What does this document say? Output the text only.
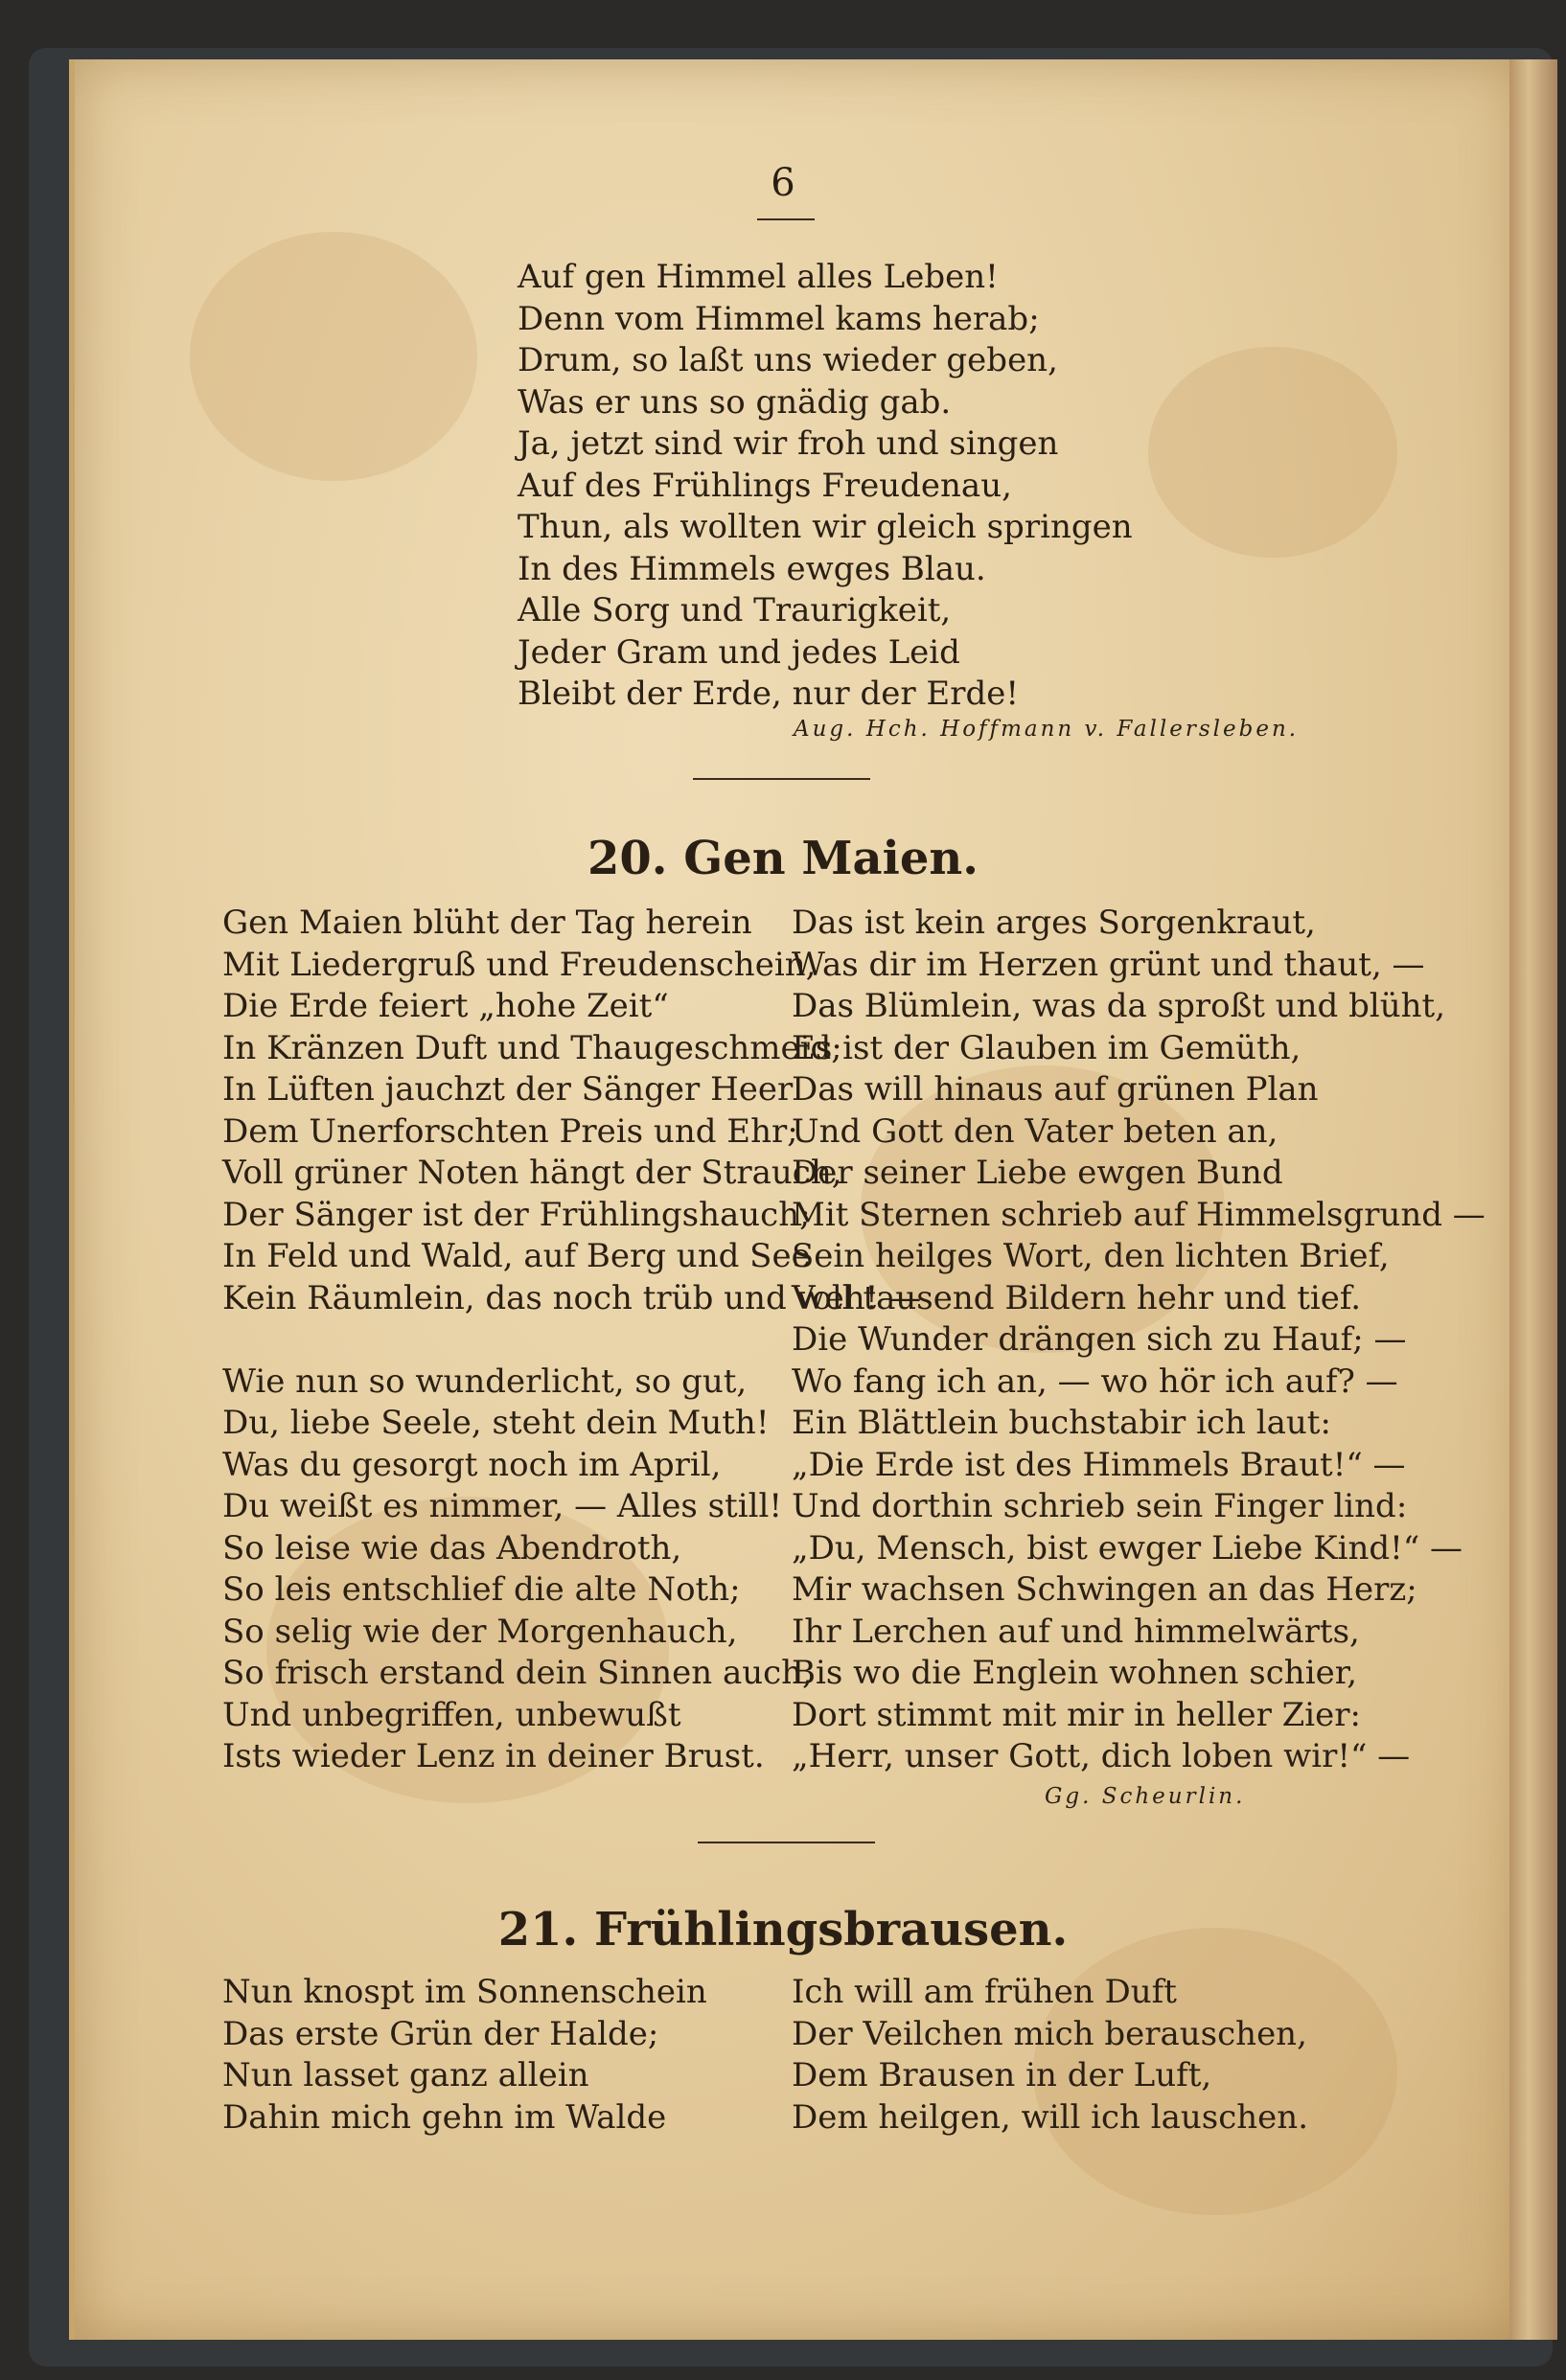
6
Auf gen Himmel alles Leben!
Denn vom Himmel kams herab;
Drum, so laßt uns wieder geben,
Was er uns so gnädig gab.
Ja, jetzt sind wir froh und singen
Auf des Frühlings Freudenau,
Thun, als wollten wir gleich springen
In des Himmels ewges Blau.
Alle Sorg und Traurigkeit,
Jeder Gram und jedes Leid
Bleibt der Erde, nur der Erde!
Aug. Hch. Hoffmann v. Fallersleben.
20. Gen Maien.
Gen Maien blüht der Tag herein
Mit Liedergruß und Freudenschein,
Die Erde feiert „hohe Zeit“
In Kränzen Duft und Thaugeschmeid;
In Lüften jauchzt der Sänger Heer
Dem Unerforschten Preis und Ehr;
Voll grüner Noten hängt der Strauch,
Der Sänger ist der Frühlingshauch;
In Feld und Wald, auf Berg und See
Kein Räumlein, das noch trüb und weh! —
Wie nun so wunderlicht, so gut,
Du, liebe Seele, steht dein Muth!
Was du gesorgt noch im April,
Du weißt es nimmer, — Alles still!
So leise wie das Abendroth,
So leis entschlief die alte Noth;
So selig wie der Morgenhauch,
So frisch erstand dein Sinnen auch,
Und unbegriffen, unbewußt
Ists wieder Lenz in deiner Brust.
Das ist kein arges Sorgenkraut,
Was dir im Herzen grünt und thaut, —
Das Blümlein, was da sproßt und blüht,
Es ist der Glauben im Gemüth,
Das will hinaus auf grünen Plan
Und Gott den Vater beten an,
Der seiner Liebe ewgen Bund
Mit Sternen schrieb auf Himmelsgrund —
Sein heilges Wort, den lichten Brief,
Voll tausend Bildern hehr und tief.
Die Wunder drängen sich zu Hauf; —
Wo fang ich an, — wo hör ich auf? —
Ein Blättlein buchstabir ich laut:
„Die Erde ist des Himmels Braut!“ —
Und dorthin schrieb sein Finger lind:
„Du, Mensch, bist ewger Liebe Kind!“ —
Mir wachsen Schwingen an das Herz;
Ihr Lerchen auf und himmelwärts,
Bis wo die Englein wohnen schier,
Dort stimmt mit mir in heller Zier:
„Herr, unser Gott, dich loben wir!“ —
Gg. Scheurlin.
21. Frühlingsbrausen.
Nun knospt im Sonnenschein
Das erste Grün der Halde;
Nun lasset ganz allein
Dahin mich gehn im Walde
Ich will am frühen Duft
Der Veilchen mich berauschen,
Dem Brausen in der Luft,
Dem heilgen, will ich lauschen.
